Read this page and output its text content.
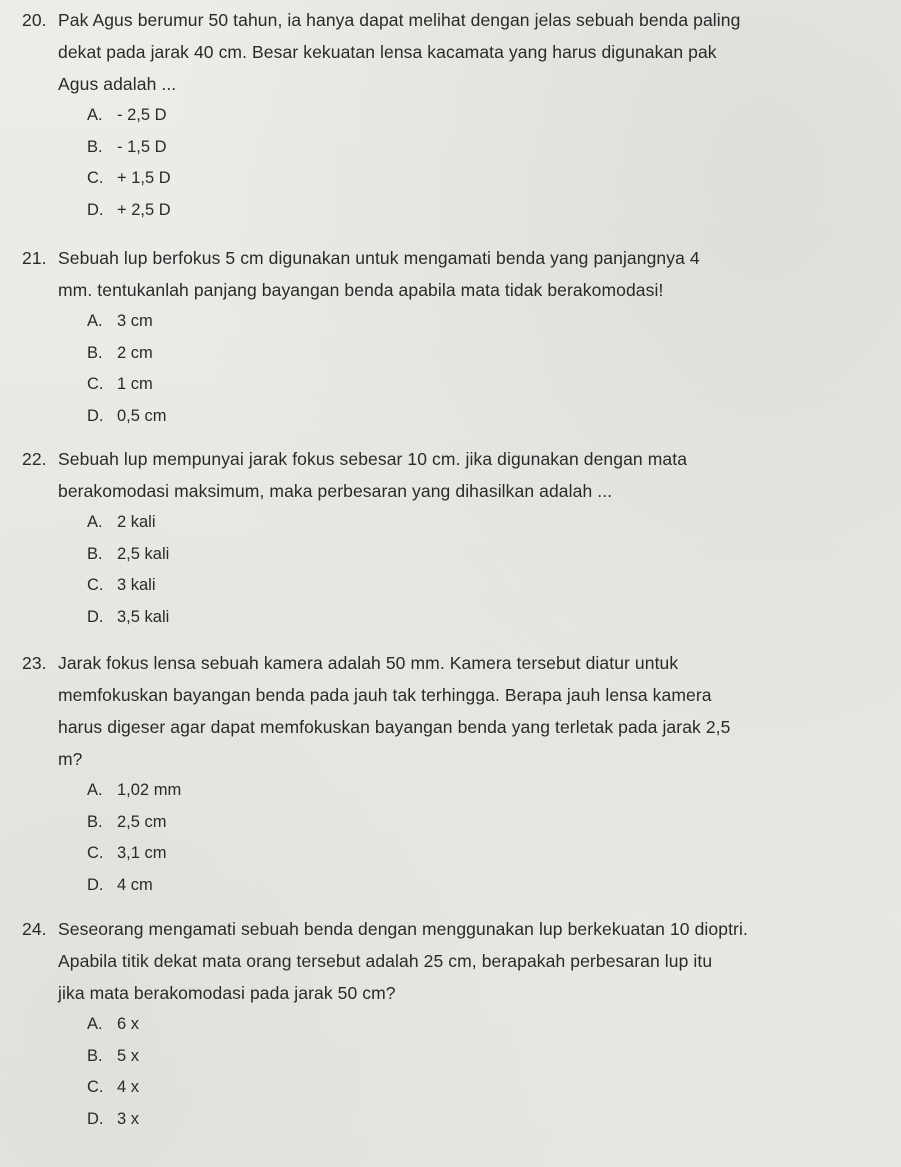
20. Pak Agus berumur 50 tahun, ia hanya dapat melihat dengan jelas sebuah benda paling
dekat pada jarak 40 cm. Besar kekuatan lensa kacamata yang harus digunakan pak
Agus adalah ...
A. - 2,5 D
B. - 1,5 D
C. + 1,5 D
D. + 2,5 D
21. Sebuah lup berfokus 5 cm digunakan untuk mengamati benda yang panjangnya 4
mm. tentukanlah panjang bayangan benda apabila mata tidak berakomodasi!
A. 3 cm
B. 2 cm
C. 1 cm
D. 0,5 cm
22. Sebuah lup mempunyai jarak fokus sebesar 10 cm. jika digunakan dengan mata
berakomodasi maksimum, maka perbesaran yang dihasilkan adalah ...
A. 2 kali
B. 2,5 kali
C. 3 kali
D. 3,5 kali
23. Jarak fokus lensa sebuah kamera adalah 50 mm. Kamera tersebut diatur untuk
memfokuskan bayangan benda pada jauh tak terhingga. Berapa jauh lensa kamera
harus digeser agar dapat memfokuskan bayangan benda yang terletak pada jarak 2,5
m?
A. 1,02 mm
B. 2,5 cm
C. 3,1 cm
D. 4 cm
24. Seseorang mengamati sebuah benda dengan menggunakan lup berkekuatan 10 dioptri.
Apabila titik dekat mata orang tersebut adalah 25 cm, berapakah perbesaran lup itu
jika mata berakomodasi pada jarak 50 cm?
A. 6 x
B. 5 x
C. 4 x
D. 3 x
